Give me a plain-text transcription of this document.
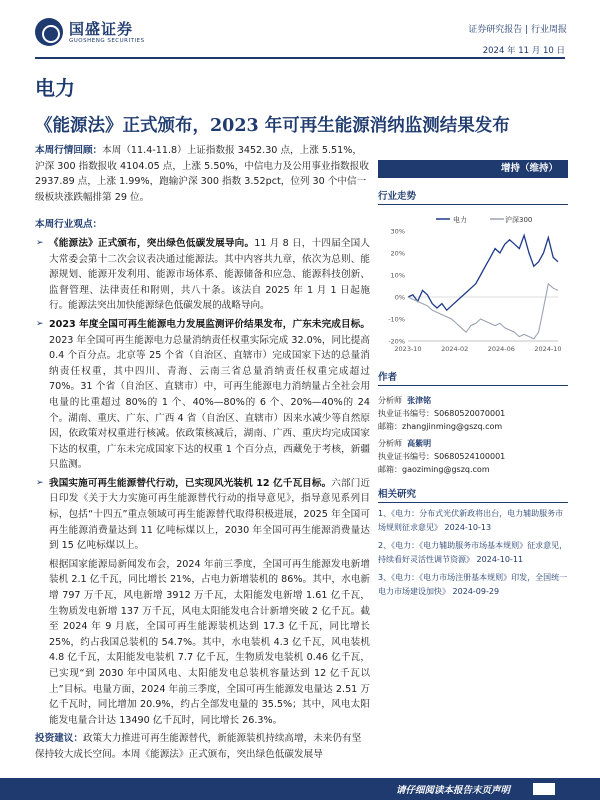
国盛证券
GUOSHENG SECURITIES
证券研究报告 | 行业周报
2024 年 11 月 10 日
电力
《能源法》正式颁布，2023 年可再生能源消纳监测结果发布
本周行情回顾：本周（11.4-11.8）上证指数报 3452.30 点，上涨 5.51%，沪深 300 指数报收 4104.05 点，上涨 5.50%，中信电力及公用事业指数报收 2937.89 点，上涨 1.99%，跑输沪深 300 指数 3.52pct，位列 30 个中信一级板块涨跌幅排第 29 位。
本周行业观点：
➢ 《能源法》正式颁布，突出绿色低碳发展导向。11 月 8 日，十四届全国人大常委会第十二次会议表决通过能源法。其中内容共九章，依次为总则、能源规划、能源开发利用、能源市场体系、能源储备和应急、能源科技创新、监督管理、法律责任和附则，共八十条。该法自 2025 年 1 月 1 日起施行。能源法突出加快能源绿色低碳发展的战略导向。
➢ 2023 年度全国可再生能源电力发展监测评价结果发布，广东未完成目标。2023 年全国可再生能源电力总量消纳责任权重实际完成 32.0%，同比提高 0.4 个百分点。北京等 25 个省（自治区、直辖市）完成国家下达的总量消纳责任权重，其中四川、青海、云南三省总量消纳责任权重完成超过 70%。31 个省（自治区、直辖市）中，可再生能源电力消纳量占全社会用电量的比重超过 80%的 1 个、40%—80%的 6 个、20%—40%的 24 个。湖南、重庆、广东、广西 4 省（自治区、直辖市）因来水减少等自然原因，依政策对权重进行核减。依政策核减后，湖南、广西、重庆均完成国家下达的权重，广东未完成国家下达的权重 1 个百分点，西藏免于考核，新疆只监测。
➢ 我国实施可再生能源替代行动，已实现风光装机 12 亿千瓦目标。六部门近日印发《关于大力实施可再生能源替代行动的指导意见》，指导意见系列目标，包括“十四五”重点领域可再生能源替代取得积极进展，2025 年全国可再生能源消费量达到 11 亿吨标煤以上，2030 年全国可再生能源消费量达到 15 亿吨标煤以上。
根据国家能源局新闻发布会，2024 年前三季度，全国可再生能源发电新增装机 2.1 亿千瓦，同比增长 21%，占电力新增装机的 86%。其中，水电新增 797 万千瓦，风电新增 3912 万千瓦，太阳能发电新增 1.61 亿千瓦，生物质发电新增 137 万千瓦，风电太阳能发电合计新增突破 2 亿千瓦。截至 2024 年 9 月底，全国可再生能源装机达到 17.3 亿千瓦，同比增长 25%，约占我国总装机的 54.7%。其中，水电装机 4.3 亿千瓦，风电装机 4.8 亿千瓦，太阳能发电装机 7.7 亿千瓦，生物质发电装机 0.46 亿千瓦，已实现“到 2030 年中国风电、太阳能发电总装机容量达到 12 亿千瓦以上”目标。电量方面，2024 年前三季度，全国可再生能源发电量达 2.51 万亿千瓦时，同比增加 20.9%，约占全部发电量的 35.5%；其中，风电太阳能发电量合计达 13490 亿千瓦时，同比增长 26.3%。
投资建议：政策大力推进可再生能源替代，新能源装机持续高增，未来仍有坚保持较大成长空间。本周《能源法》正式颁布，突出绿色低碳发展导
增持（维持）
行业走势
电力	沪深300
30%
20%
10%
0%
-10%
-20%
2023-10	2024-02	2024-06	2024-10
作者
分析师 张津铭
执业证书编号：S0680520070001
邮箱：zhangjinming@gszq.com
分析师 高紫明
执业证书编号：S0680524100001
邮箱：gaoziming@gszq.com
相关研究
1、《电力：分布式光伏新政将出台，电力辅助服务市场规则征求意见》 2024-10-13
2、《电力：《电力辅助服务市场基本规则》征求意见，持续看好灵活性调节资源》 2024-10-11
3、《电力：《电力市场注册基本规则》印发，全国统一电力市场建设加快》 2024-09-29
请仔细阅读本报告末页声明
